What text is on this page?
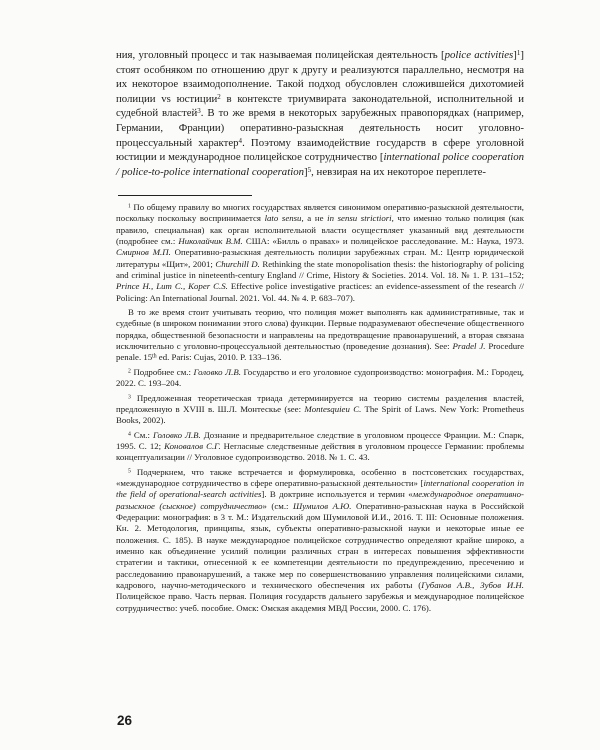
ния, уголовный процесс и так называемая полицейская деятельность [police activities]$^1$] стоят особняком по отношению друг к другу и реализуются параллельно, несмотря на их некоторое взаимодополнение. Такой подход обусловлен сложившейся дихотомией полиции vs юстиции$^2$ в контексте триумвирата законодательной, исполнительной и судебной властей$^3$. В то же время в некоторых зарубежных правопорядках (например, Германии, Франции) оперативно-разыскная деятельность носит уголовно-процессуальный характер$^4$. Поэтому взаимодействие государств в сфере уголовной юстиции и международное полицейское сотрудничество [international police cooperation / police-to-police international cooperation]$^5$, невзирая на их некоторое переплете-

$^1$ По общему правилу во многих государствах является синонимом оперативно-разыскной деятельности, поскольку поскольку воспринимается lato sensu, а не in sensu strictiori, что именно только полиция (как правило, специальная) как орган исполнительной власти осуществляет указанный вид деятельности (подробнее см.: Николайчик В.М. США: «Билль о правах» и полицейское расследование. М.: Наука, 1973. Смирнов М.П. Оперативно-разыскная деятельность полиции зарубежных стран. М.: Центр юридической литературы «Щит», 2001; Churchill D. Rethinking the state monopolisation thesis: the historiography of policing and criminal justice in nineteenth-century England // Crime, History & Societies. 2014. Vol. 18. № 1. P. 131–152; Prince H., Lum C., Koper C.S. Effective police investigative practices: an evidence-assessment of the research // Policing: An International Journal. 2021. Vol. 44. № 4. P. 683–707).

В то же время стоит учитывать теорию, что полиция может выполнять как административные, так и судебные (в широком понимании этого слова) функции. Первые подразумевают обеспечение общественного порядка, общественной безопасности и направлены на предотвращение правонарушений, а вторая связана исключительно с уголовно-процессуальной деятельностью (проведение дознания). See: Pradel J. Procedure penale. 15th ed. Paris: Cujas, 2010. P. 133–136.

$^2$ Подробнее см.: Головко Л.В. Государство и его уголовное судопроизводство: монография. М.: Городец, 2022. С. 193–204.

$^3$ Предложенная теоретическая триада детерминируется на теорию системы разделения властей, предложенную в XVIII в. Ш.Л. Монтескье (see: Montesquieu C. The Spirit of Laws. New York: Prometheus Books, 2002).

$^4$ См.: Головко Л.В. Дознание и предварительное следствие в уголовном процессе Франции. М.: Спарк, 1995. С. 12; Коновалов С.Г. Негласные следственные действия в уголовном процессе Германии: проблемы концептуализации // Уголовное судопроизводство. 2018. № 1. С. 43.

$^5$ Подчеркнем, что также встречается и формулировка, особенно в постсоветских государствах, «международное сотрудничество в сфере оперативно-разыскной деятельности» [international cooperation in the field of operational-search activities]. В доктрине используется и термин «международное оперативно-разыскное (сыскное) сотрудничество» (см.: Шумилов А.Ю. Оперативно-разыскная наука в Российской Федерации: монография: в 3 т. М.: Издательский дом Шумиловой И.И., 2016. Т. III: Основные положения. Кн. 2. Методология, принципы, язык, субъекты оперативно-разыскной науки и некоторые иные ее положения. С. 185). В науке международное полицейское сотрудничество определяют крайне широко, а именно как объединение усилий полиции различных стран в интересах повышения эффективности стратегии и тактики, отнесенной к ее компетенции деятельности по предупреждению, пресечению и расследованию правонарушений, а также мер по совершенствованию управления полицейскими силами, кадрового, научно-методического и технического обеспечения их работы (Губанов А.В., Зубов И.Н. Полицейское право. Часть первая. Полиция государств дальнего зарубежья и международное полицейское сотрудничество: учеб. пособие. Омск: Омская академия МВД России, 2000. С. 176).

26
